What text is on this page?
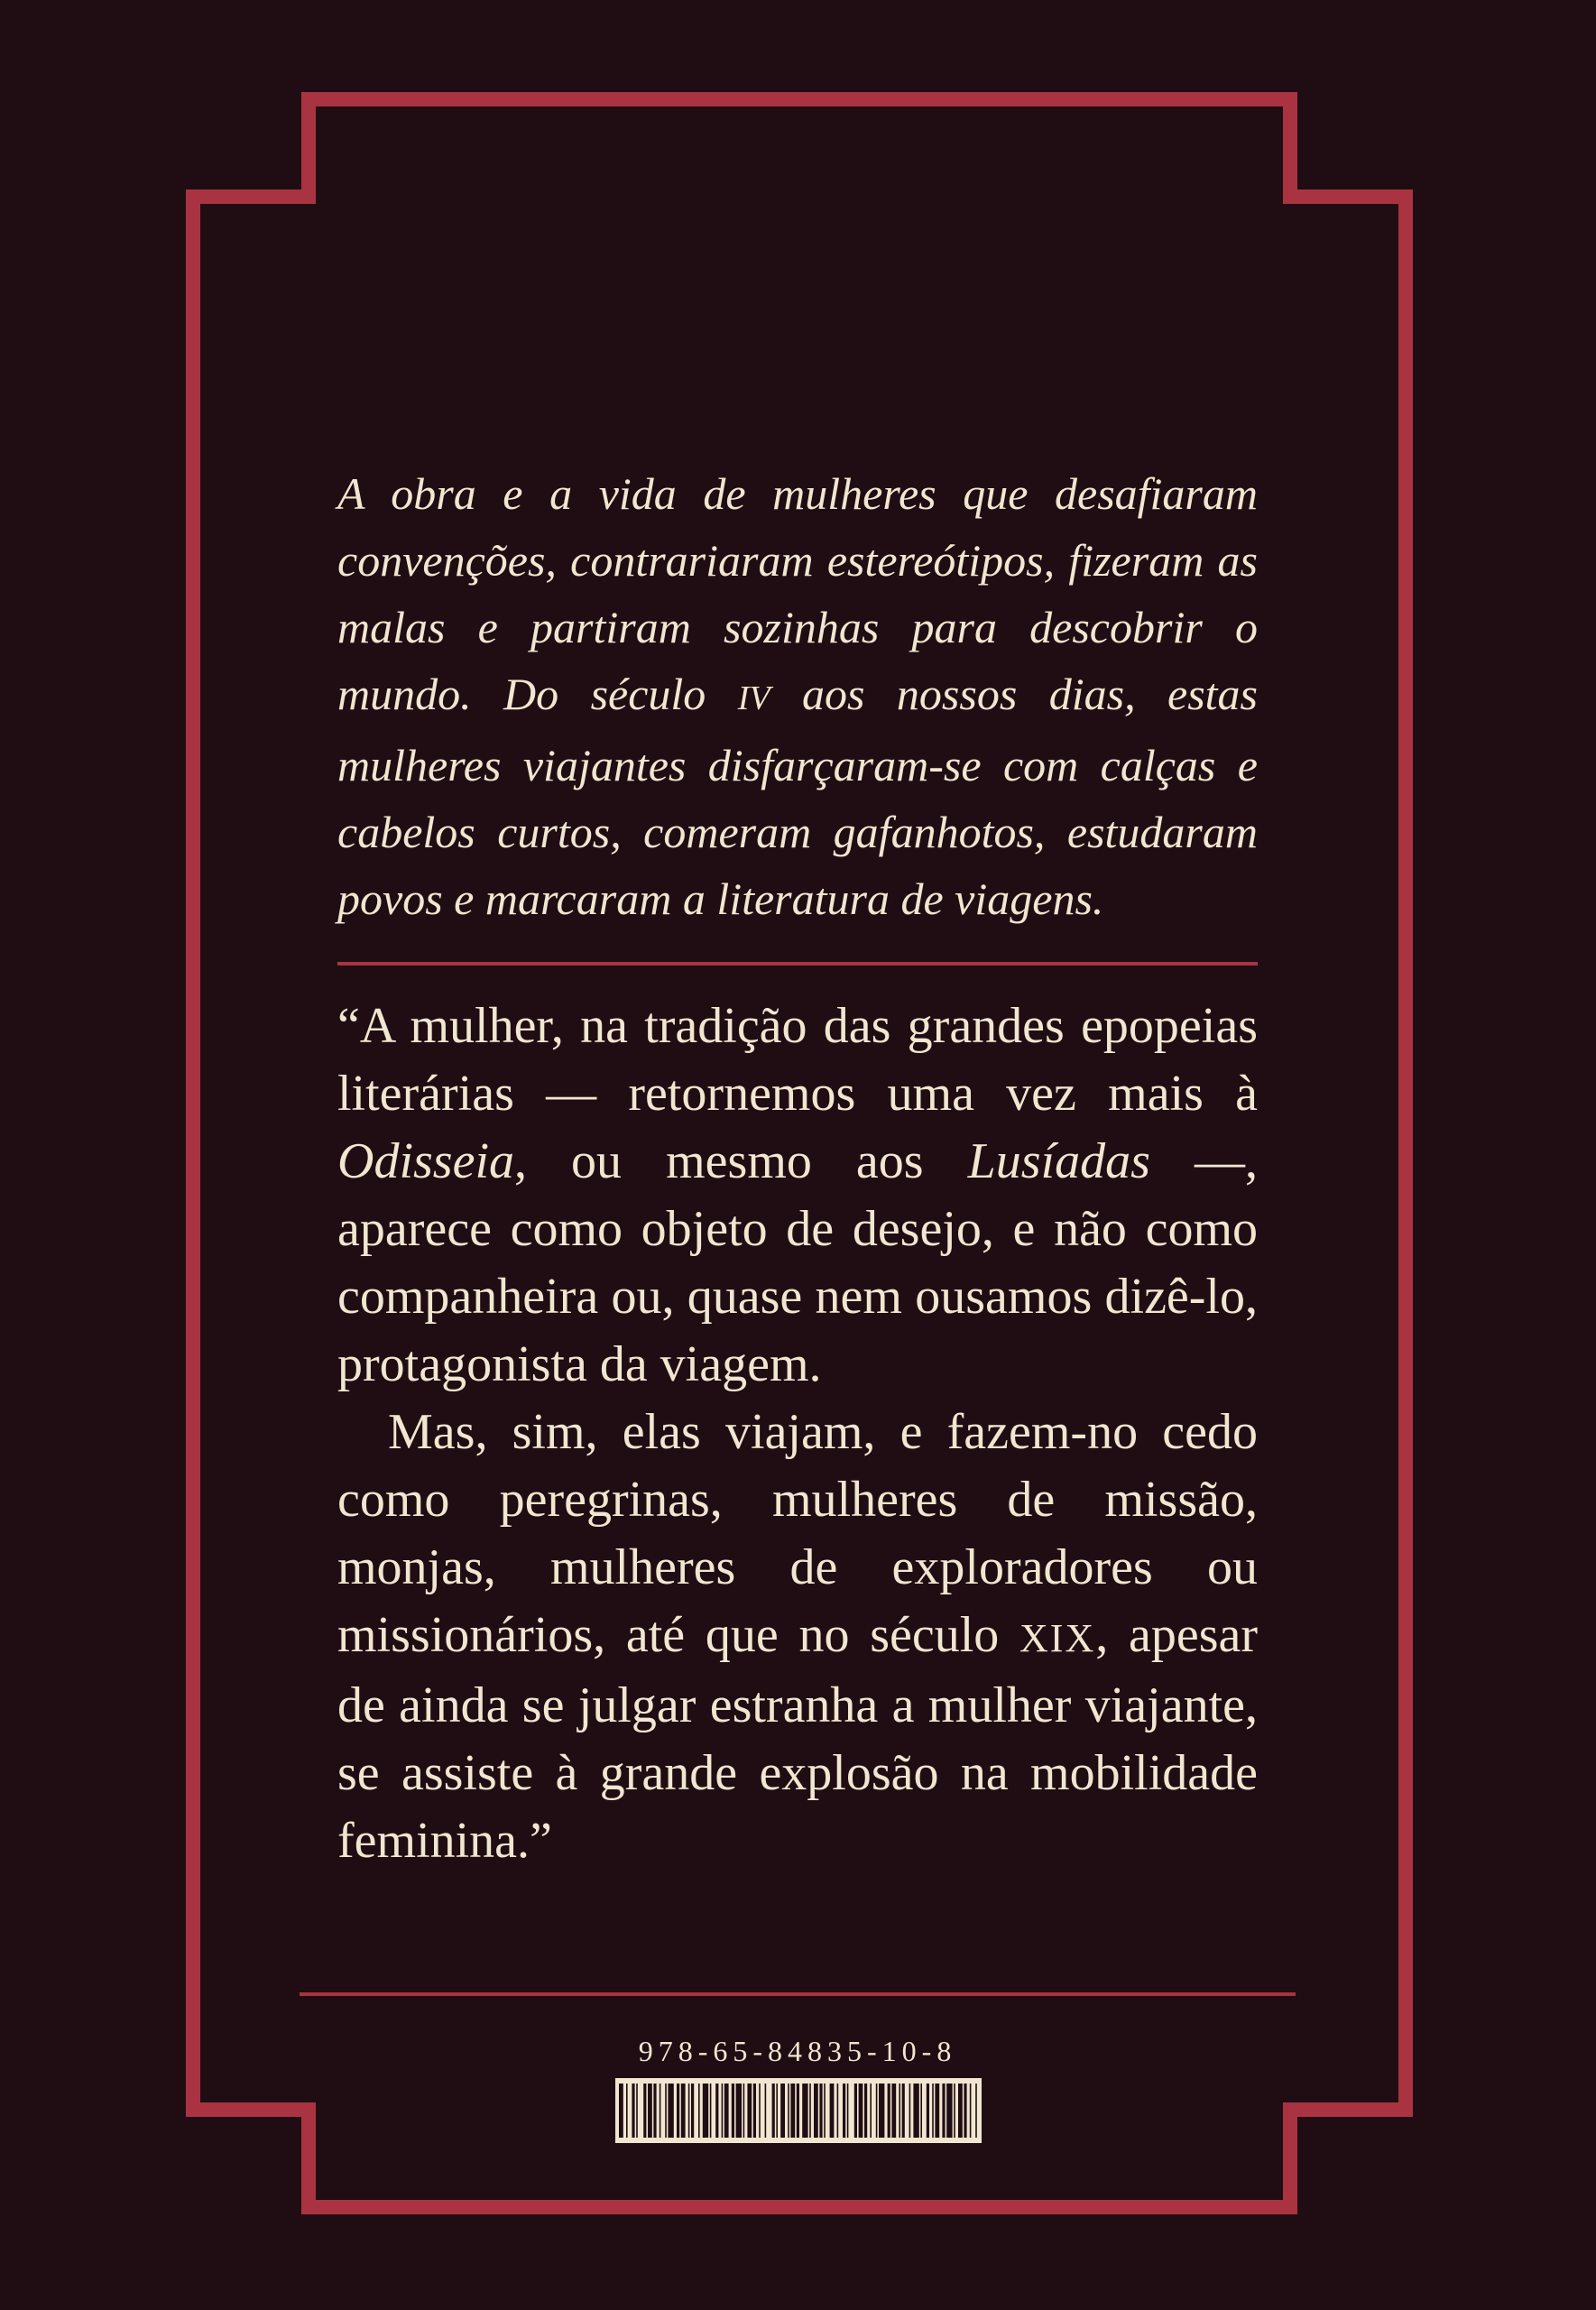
A obra e a vida de mulheres que desafiaram convenções, contrariaram estereótipos, fizeram as malas e partiram sozinhas para descobrir o mundo. Do século IV aos nossos dias, estas mulheres viajantes disfarçaram-se com calças e cabelos curtos, comeram gafanhotos, estudaram povos e marcaram a literatura de viagens.

“A mulher, na tradição das grandes epopeias literárias — retornemos uma vez mais à Odisseia, ou mesmo aos Lusíadas —, aparece como objeto de desejo, e não como companheira ou, quase nem ousamos dizê-lo, protagonista da viagem.

Mas, sim, elas viajam, e fazem-no cedo como peregrinas, mulheres de missão, monjas, mulheres de exploradores ou missionários, até que no século XIX, apesar de ainda se julgar estranha a mulher viajante, se assiste à grande explosão na mobilidade feminina.”

978-65-84835-10-8
